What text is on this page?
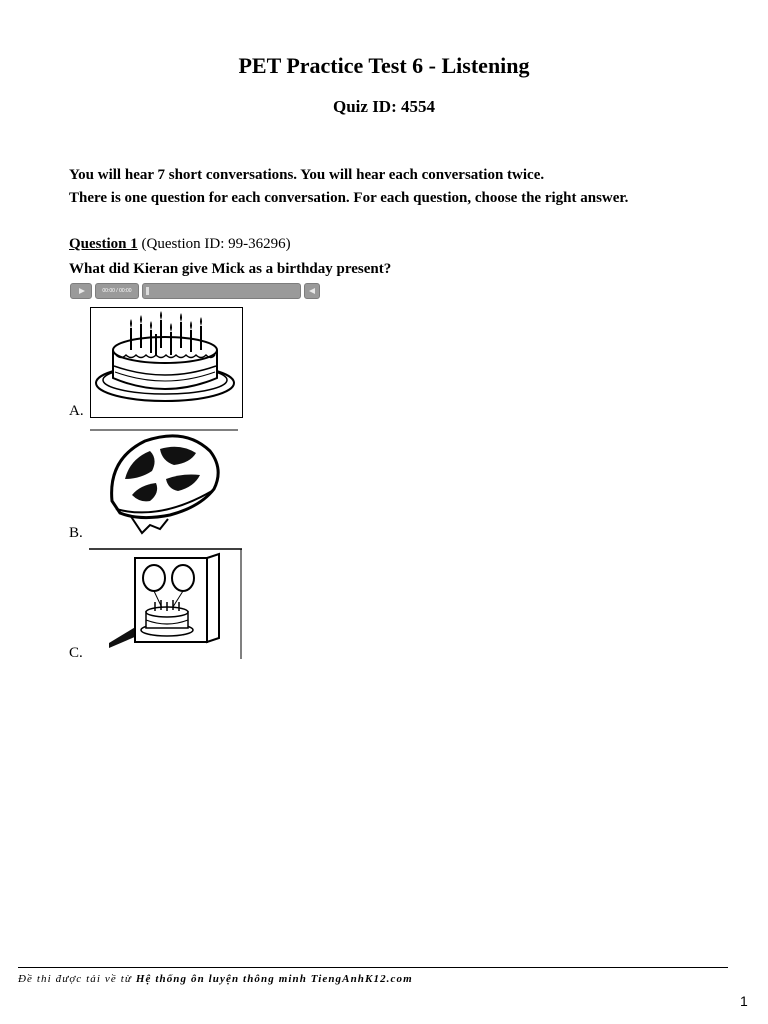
PET Practice Test 6 - Listening
Quiz ID: 4554
You will hear 7 short conversations. You will hear each conversation twice.
There is one question for each conversation. For each question, choose the right answer.
Question 1 (Question ID: 99-36296)
What did Kieran give Mick as a birthday present?
00:00 / 00:00
A.
B.
C.
Đề thi được tải về từ Hệ thống ôn luyện thông minh TiengAnhK12.com
1
